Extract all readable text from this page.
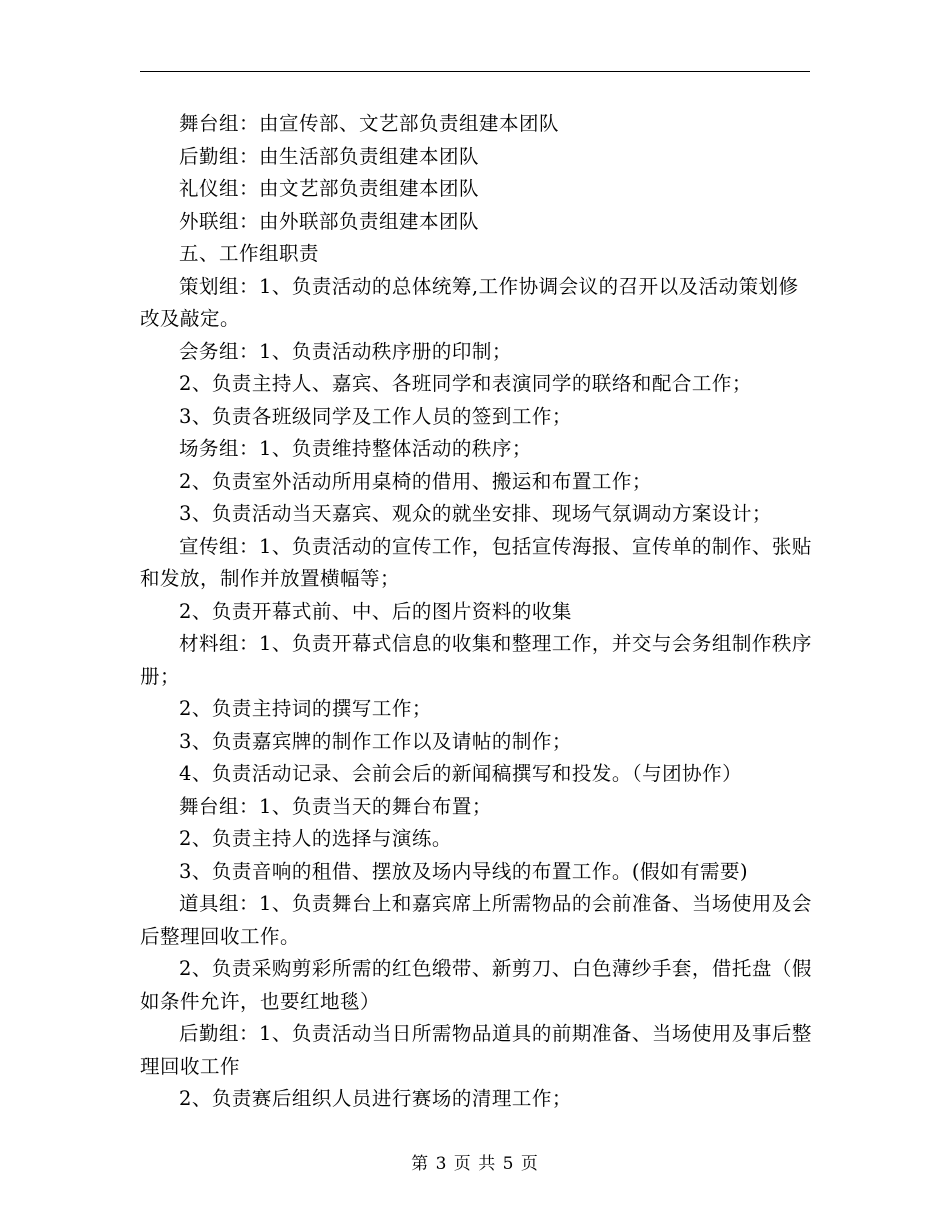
舞台组：由宣传部、文艺部负责组建本团队

后勤组：由生活部负责组建本团队

礼仪组：由文艺部负责组建本团队

外联组：由外联部负责组建本团队

五、工作组职责

策划组：1、负责活动的总体统筹,工作协调会议的召开以及活动策划修改及敲定。

会务组：1、负责活动秩序册的印制；

2、负责主持人、嘉宾、各班同学和表演同学的联络和配合工作；

3、负责各班级同学及工作人员的签到工作；

场务组：1、负责维持整体活动的秩序；

2、负责室外活动所用桌椅的借用、搬运和布置工作；

3、负责活动当天嘉宾、观众的就坐安排、现场气氛调动方案设计；

宣传组：1、负责活动的宣传工作，包括宣传海报、宣传单的制作、张贴和发放，制作并放置横幅等；

2、负责开幕式前、中、后的图片资料的收集

材料组：1、负责开幕式信息的收集和整理工作，并交与会务组制作秩序册；

2、负责主持词的撰写工作；

3、负责嘉宾牌的制作工作以及请帖的制作；

4、负责活动记录、会前会后的新闻稿撰写和投发。（与团协作）

舞台组：1、负责当天的舞台布置；

2、负责主持人的选择与演练。

3、负责音响的租借、摆放及场内导线的布置工作。(假如有需要)

道具组：1、负责舞台上和嘉宾席上所需物品的会前准备、当场使用及会后整理回收工作。

2、负责采购剪彩所需的红色缎带、新剪刀、白色薄纱手套，借托盘（假如条件允许，也要红地毯）

后勤组：1、负责活动当日所需物品道具的前期准备、当场使用及事后整理回收工作

2、负责赛后组织人员进行赛场的清理工作；

第 3 页 共 5 页
